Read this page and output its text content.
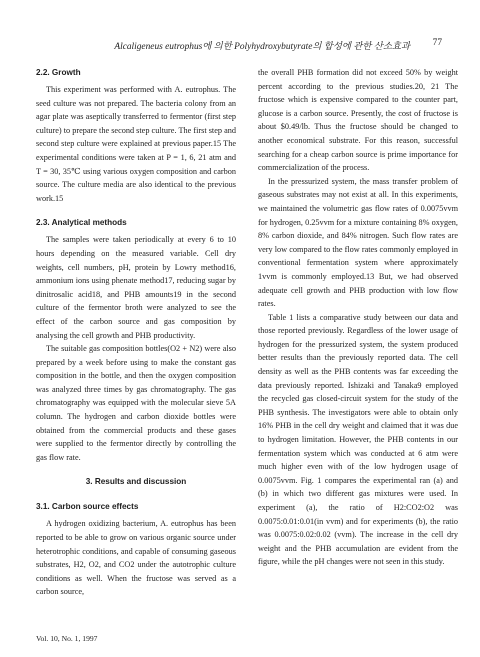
Alcaligeneus eutrophus에 의한 Polyhydroxybutyrate의 합성에 관한 산소효과 77
2.2. Growth

This experiment was performed with A. eutrophus. The seed culture was not prepared. The bacteria colony from an agar plate was aseptically transferred to fermentor (first step culture) to prepare the second step culture. The first step and second step culture were explained at previous paper.15 The experimental conditions were taken at P = 1, 6, 21 atm and T = 30, 35℃ using various oxygen composition and carbon source. The culture media are also identical to the previous work.15

2.3. Analytical methods

The samples were taken periodically at every 6 to 10 hours depending on the measured variable. Cell dry weights, cell numbers, pH, protein by Lowry method16, ammonium ions using phenate method17, reducing sugar by dinitrosalic acid18, and PHB amounts19 in the second culture of the fermentor broth were analyzed to see the effect of the carbon source and gas composition by analysing the cell growth and PHB productivity.

The suitable gas composition bottles(O2 + N2) were also prepared by a week before using to make the constant gas composition in the bottle, and then the oxygen composition was analyzed three times by gas chromatography. The gas chromatography was equipped with the molecular sieve 5A column. The hydrogen and carbon dioxide bottles were obtained from the commercial products and these gases were supplied to the fermentor directly by controlling the gas flow rate.

3. Results and discussion
3.1. Carbon source effects

A hydrogen oxidizing bacterium, A. eutrophus has been reported to be able to grow on various organic source under heterotrophic conditions, and capable of consuming gaseous substrates, H2, O2, and CO2 under the autotrophic culture conditions as well. When the fructose was served as a carbon source,

the overall PHB formation did not exceed 50% by weight percent according to the previous studies.20, 21 The fructose which is expensive compared to the counter part, glucose is a carbon source. Presently, the cost of fructose is about $0.49/lb. Thus the fructose should be changed to another economical substrate. For this reason, successful searching for a cheap carbon source is prime importance for commercialization of the process.

In the pressurized system, the mass transfer problem of gaseous substrates may not exist at all. In this experiments, we maintained the volumetric gas flow rates of 0.0075vvm for hydrogen, 0.25vvm for a mixture containing 8% oxygen, 8% carbon dioxide, and 84% nitrogen. Such flow rates are very low compared to the flow rates commonly employed in conventional fermentation system where approximately 1vvm is commonly employed.13 But, we had observed adequate cell growth and PHB production with low flow rates.

Table 1 lists a comparative study between our data and those reported previously. Regardless of the lower usage of hydrogen for the pressurized system, the system produced better results than the previously reported data. The cell density as well as the PHB contents was far exceeding the data previously reported. Ishizaki and Tanaka9 employed the recycled gas closed-circuit system for the study of the PHB synthesis. The investigators were able to obtain only 16% PHB in the cell dry weight and claimed that it was due to hydrogen limitation. However, the PHB contents in our fermentation system which was conducted at 6 atm were much higher even with of the low hydrogen usage of 0.0075vvm. Fig. 1 compares the experimental ran (a) and (b) in which two different gas mixtures were used. In experiment (a), the ratio of H2:CO2:O2 was 0.0075:0.01:0.01(in vvm) and for experiments (b), the ratio was 0.0075:0.02:0.02 (vvm). The increase in the cell dry weight and the PHB accumulation are evident from the figure, while the pH changes were not seen in this study.

Vol. 10, No. 1, 1997
